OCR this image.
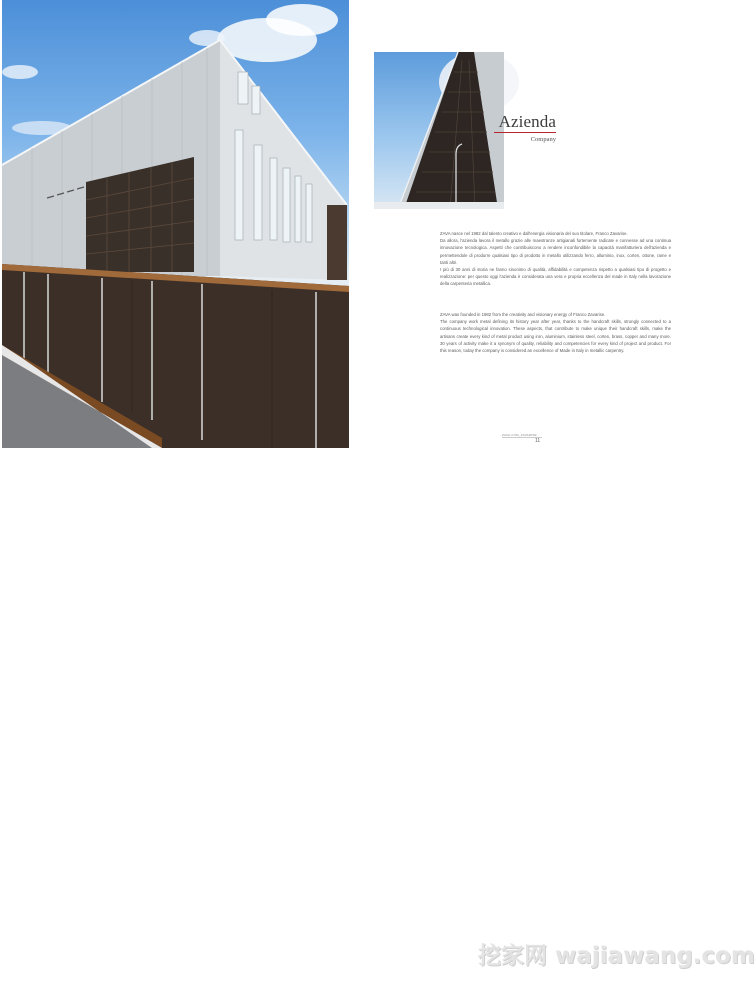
Azienda
Company

ZAVA nasce nel 1982 dal talento creativo e dall'energia visionaria del suo titolare, Franco Zavarise.

Da allora, l'azienda lavora il metallo grazie alle maestranze artigianali fortemente radicate e connesse ad una continua innovazione tecnologica. Aspetti che contribuiscono a rendere inconfondibile la capacità manifatturiera dell'azienda e permettendole di produrre qualsiasi tipo di prodotto in metallo utilizzando ferro, alluminio, inox, corten, ottone, rame e tanti altri.

I più di 30 anni di storia ne fanno sinonimo di qualità, affidabilità e competenza rispetto a qualsiasi tipo di progetto e realizzazione: per questo oggi l'azienda è considerata una vera e propria eccellenza del made in Italy nella lavorazione della carpenteria metallica.

ZAVA was founded in 1982 from the creativity and visionary energy of Franco Zavarise.

The company work metal defining its history year after year, thanks to the handcraft skills, strongly connected to a continuous technological innovation. These aspects, that contribute to make unique their handcraft skills, make the artisans create every kind of metal product using iron, aluminium, stainless steel, corten, brass, copper and many more. 30 years of activity make it a synonym of quality, reliability and competencies for every kind of project and product. For this reason, today the company is considered an excellence of Made in Italy in metallic carpentry.

ZAVA.COM_ZAVARISE
11
挖家网 wajiawang.com
